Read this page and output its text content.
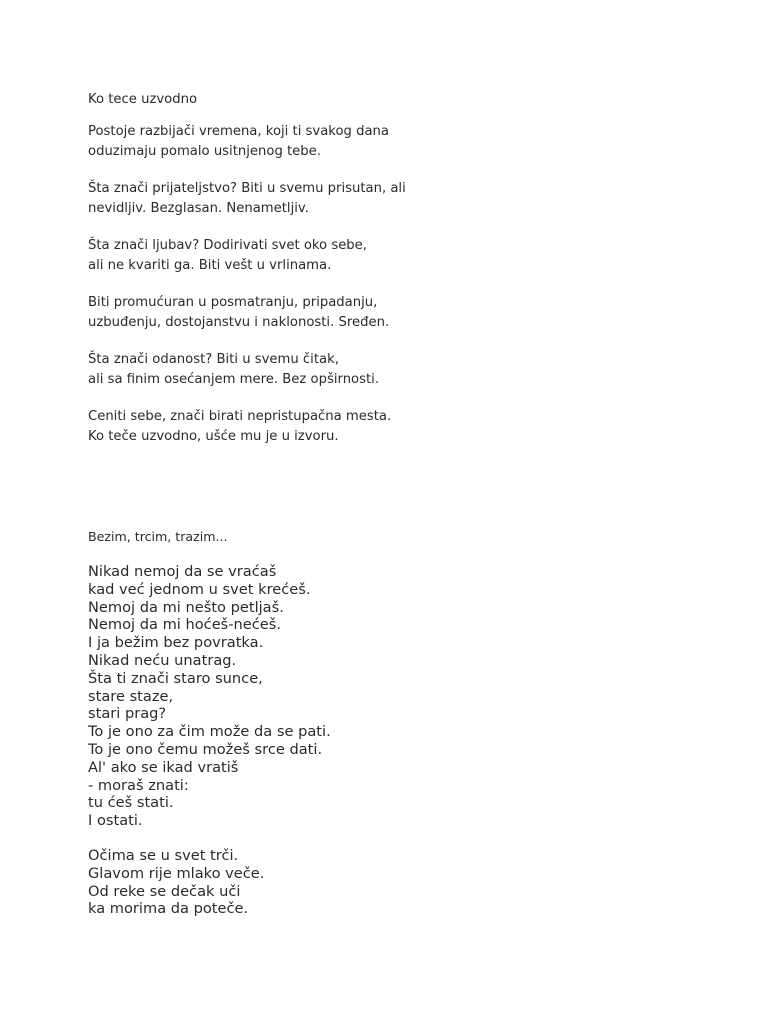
Ko tece uzvodno

Postoje razbijači vremena, koji ti svakog dana

oduzimaju pomalo usitnjenog tebe.

Šta znači prijateljstvo? Biti u svemu prisutan, ali

nevidljiv. Bezglasan. Nenametljiv.

Šta znači ljubav? Dodirivati svet oko sebe,

ali ne kvariti ga. Biti vešt u vrlinama.

Biti promućuran u posmatranju, pripadanju,

uzbuđenju, dostojanstvu i naklonosti. Sređen.

Šta znači odanost? Biti u svemu čitak,

ali sa finim osećanjem mere. Bez opširnosti.

Ceniti sebe, znači birati nepristupačna mesta.

Ko teče uzvodno, ušće mu je u izvoru.

Bezim, trcim, trazim...

Nikad nemoj da se vraćaš

kad već jednom u svet krećeš.

Nemoj da mi nešto petljaš.

Nemoj da mi hoćeš-nećeš.

I ja bežim bez povratka.

Nikad neću unatrag.

Šta ti znači staro sunce,

stare staze,

stari prag?

To je ono za čim može da se pati.

To je ono čemu možeš srce dati.

Al' ako se ikad vratiš

- moraš znati:

tu ćeš stati.

I ostati.

Očima se u svet trči.

Glavom rije mlako veče.

Od reke se dečak uči

ka morima da poteče.
